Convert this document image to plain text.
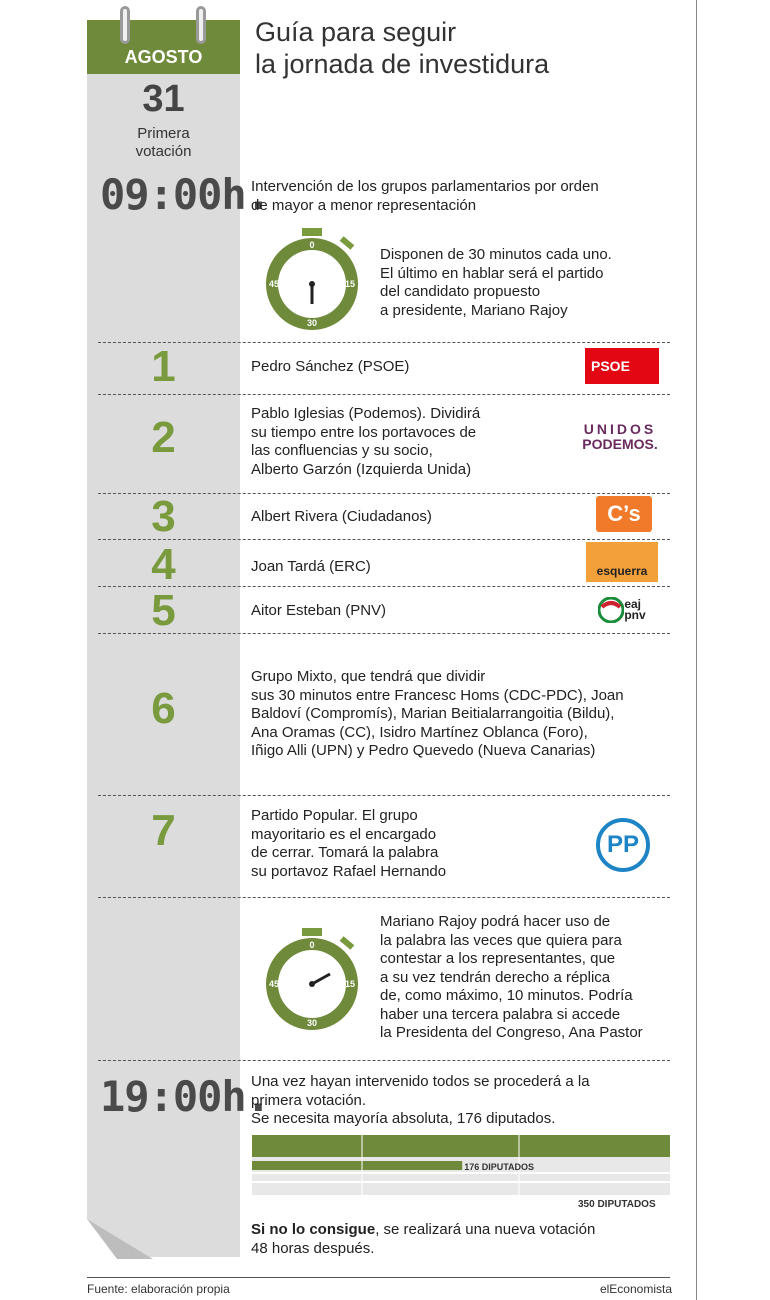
AGOSTO
31
Primera
votación
Guía para seguir
la jornada de investidura
09:00h.
Intervención de los grupos parlamentarios por orden
de mayor a menor representación
0
15
30
45
Disponen de 30 minutos cada uno.
El último en hablar será el partido
del candidato propuesto
a presidente, Mariano Rajoy
1	Pedro Sánchez (PSOE)	PSOE
2	Pablo Iglesias (Podemos). Dividirá
su tiempo entre los portavoces de
las confluencias y su socio,
Alberto Garzón (Izquierda Unida)
UNIDOS
PODEMOS.
3	Albert Rivera (Ciudadanos)	C’s
4	Joan Tardá (ERC)	esquerra
5	Aitor Esteban (PNV)	eaj
pnv
6
Grupo Mixto, que tendrá que dividir
sus 30 minutos entre Francesc Homs (CDC-PDC), Joan
Baldoví (Compromís), Marian Beitialarrangoitia (Bildu),
Ana Oramas (CC), Isidro Martínez Oblanca (Foro),
Iñigo Alli (UPN) y Pedro Quevedo (Nueva Canarias)
7	Partido Popular. El grupo
mayoritario es el encargado
de cerrar. Tomará la palabra
su portavoz Rafael Hernando
PP
0
15
30
45
Mariano Rajoy podrá hacer uso de
la palabra las veces que quiera para
contestar a los representantes, que
a su vez tendrán derecho a réplica
de, como máximo, 10 minutos. Podría
haber una tercera palabra si accede
la Presidenta del Congreso, Ana Pastor
19:00h.
Una vez hayan intervenido todos se procederá a la
primera votación.
Se necesita mayoría absoluta, 176 diputados.
176 DIPUTADOS
350 DIPUTADOS
Si no lo consigue, se realizará una nueva votación
48 horas después.
Fuente: elaboración propia	elEconomista
